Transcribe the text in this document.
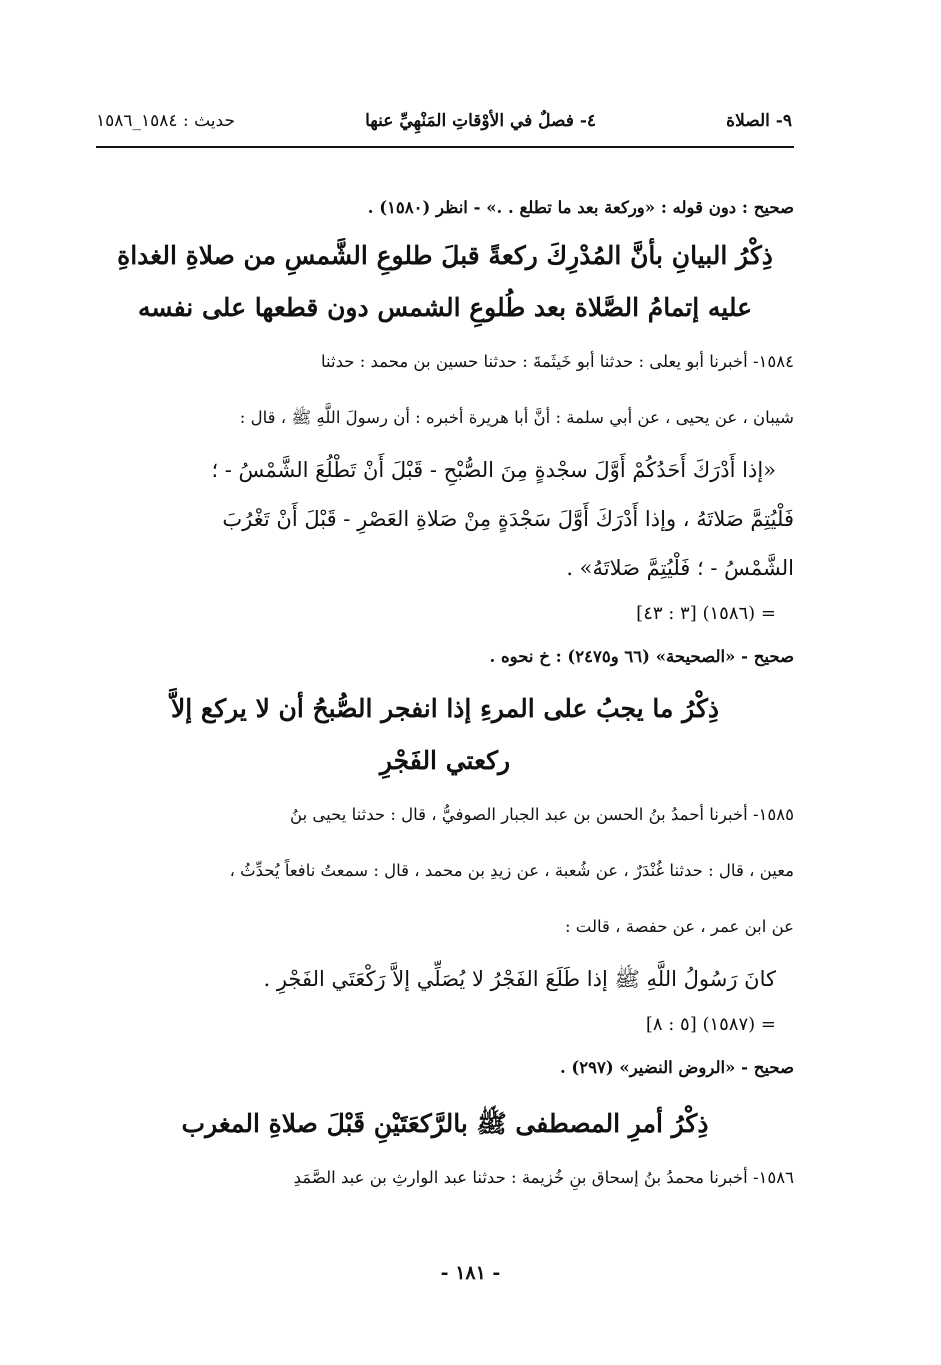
حديث : ١٥٨٤_١٥٨٦	٤- فصلٌ في الأوْقاتِ المَنْهِيِّ عنها	٩- الصلاة
صحيح : دون قوله : «وركعة بعد ما تطلع . .» - انظر (١٥٨٠) .
ذِكْرُ البيانِ بأنَّ المُدْرِكَ ركعةً قبلَ طلوعِ الشَّمسِ من صلاةِ الغداةِ
عليه إتمامُ الصَّلاة بعد طُلوعِ الشمس دون قطعها على نفسه
١٥٨٤- أخبرنا أبو يعلى : حدثنا أبو خَيثَمةَ : حدثنا حسين بن محمد : حدثنا
شيبان ، عن يحيى ، عن أبي سلمة : أنَّ أبا هريرة أخبره : أن رسولَ اللَّهِ ﷺ ، قال :
«إذا أَدْرَكَ أَحَدُكُمْ أَوَّلَ سجْدةٍ مِنَ الصُّبْحِ - قَبْلَ أَنْ تَطْلُعَ الشَّمْسُ - ؛
فَلْيُتِمَّ صَلاتَهُ ، وإذا أَدْرَكَ أَوَّلَ سَجْدَةٍ مِنْ صَلاةِ العَصْرِ - قَبْلَ أَنْ تَغْرُبَ
الشَّمْسُ - ؛ فَلْيُتِمَّ صَلاتَهُ» .
= (١٥٨٦) [٣ : ٤٣]
صحيح - «الصحيحة» (٦٦ و٢٤٧٥) : خ نحوه .
ذِكْرُ ما يجبُ على المرءِ إذا انفجر الصُّبحُ أن لا يركع إلاَّ
ركعتي الفَجْرِ
١٥٨٥- أخبرنا أحمدُ بنُ الحسن بن عبد الجبار الصوفيُّ ، قال : حدثنا يحيى بنُ
معين ، قال : حدثنا غُنْدَرٌ ، عن شُعبة ، عن زيدِ بن محمد ، قال : سمعتُ نافعاً يُحدِّثُ ،
عن ابن عمر ، عن حفصة ، قالت :
كانَ رَسُولُ اللَّهِ ﷺ إذا طَلَعَ الفَجْرُ لا يُصَلِّي إلاَّ رَكْعَتَي الفَجْرِ .
= (١٥٨٧) [٥ : ٨]
صحيح - «الروض النضير» (٢٩٧) .
ذِكْرُ أمرِ المصطفى ﷺ بالرَّكعَتَيْنِ قَبْلَ صلاةِ المغرب
١٥٨٦- أخبرنا محمدُ بنُ إسحاق بنِ خُزيمة : حدثنا عبد الوارثِ بن عبد الصَّمَدِ
- ١٨١ -
